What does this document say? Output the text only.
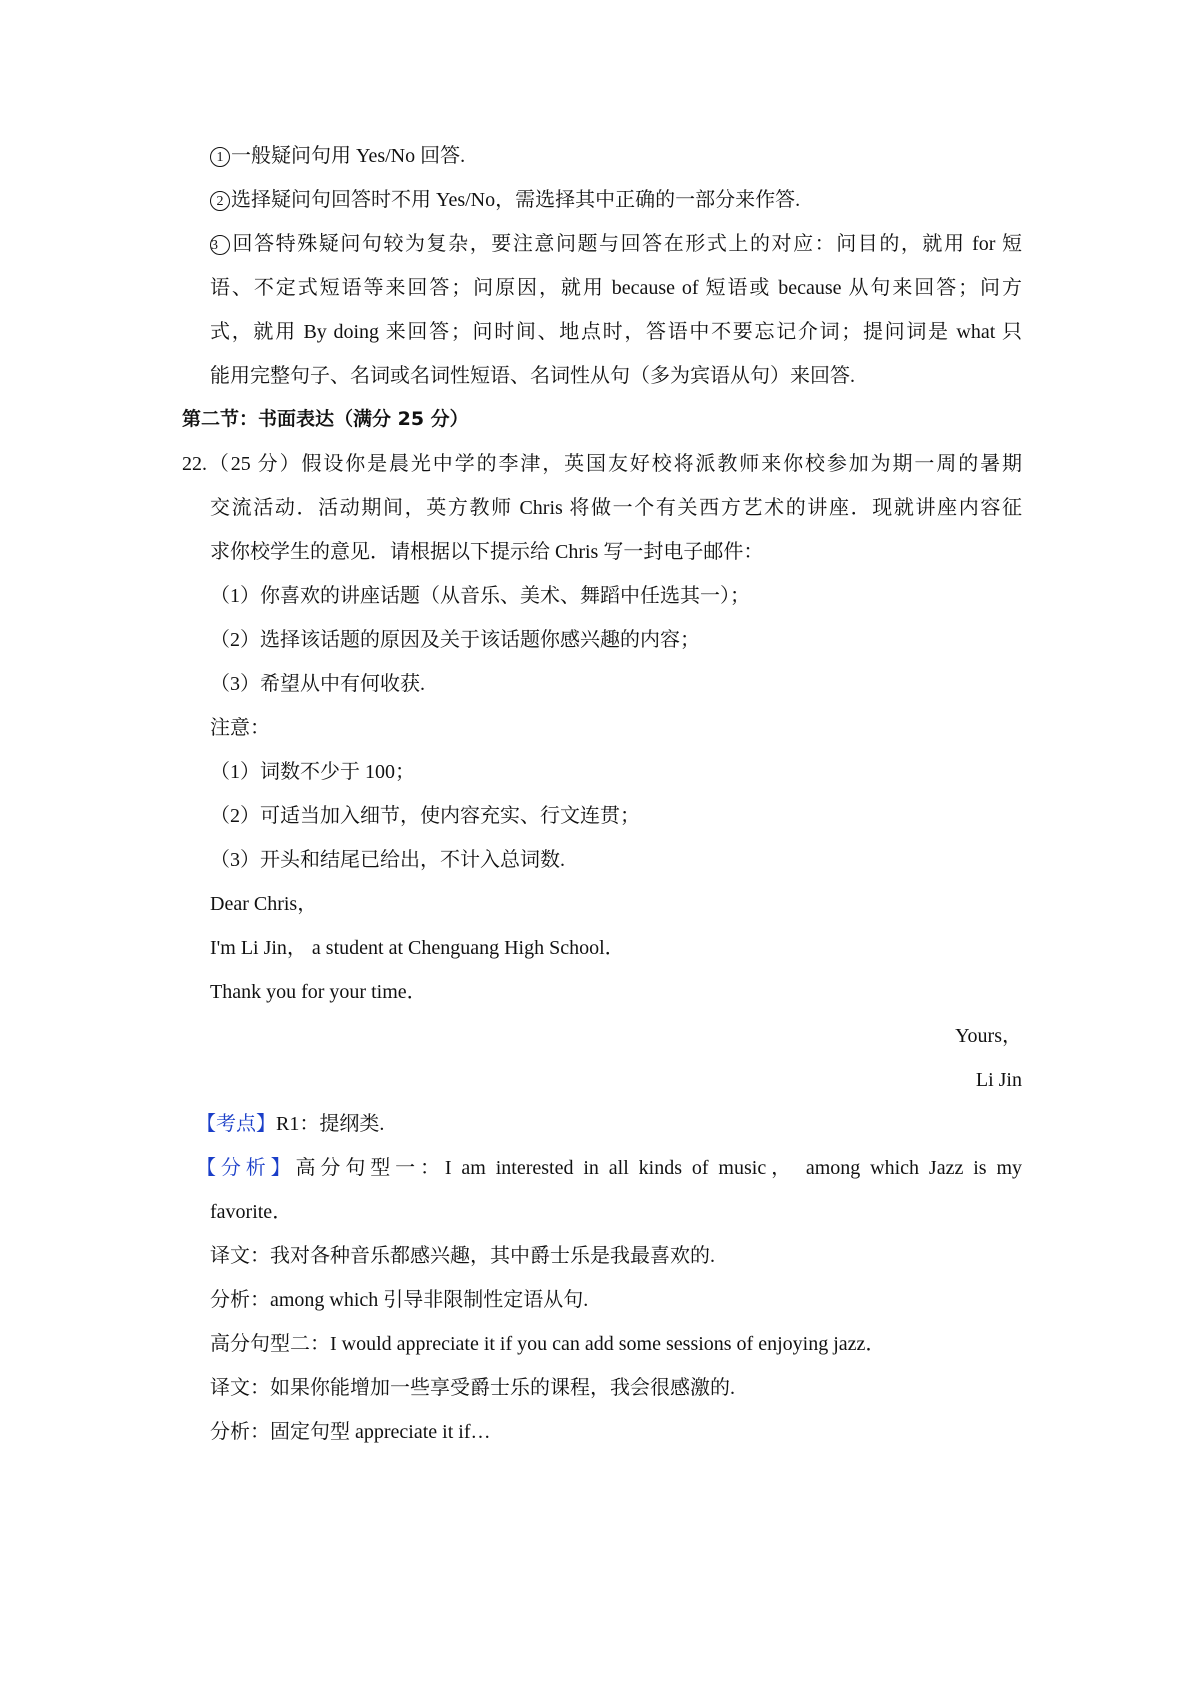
1 一般疑问句用 Yes/No 回答.
2 选择疑问句回答时不用 Yes/No，需选择其中正确的一部分来作答.
3 回答特殊疑问句较为复杂，要注意问题与回答在形式上的对应：问目的，就用 for 短
语、不定式短语等来回答；问原因，就用 because of 短语或 because 从句来回答；问方
式，就用 By doing 来回答；问时间、地点时，答语中不要忘记介词；提问词是 what 只
能用完整句子、名词或名词性短语、名词性从句（多为宾语从句）来回答.
第二节：书面表达（满分 25 分）
22.（25 分）假设你是晨光中学的李津，英国友好校将派教师来你校参加为期一周的暑期
交流活动．活动期间，英方教师 Chris 将做一个有关西方艺术的讲座．现就讲座内容征
求你校学生的意见．请根据以下提示给 Chris 写一封电子邮件：
（1）你喜欢的讲座话题（从音乐、美术、舞蹈中任选其一）；
（2）选择该话题的原因及关于该话题你感兴趣的内容；
（3）希望从中有何收获.
注意：
（1）词数不少于 100；
（2）可适当加入细节，使内容充实、行文连贯；
（3）开头和结尾已给出，不计入总词数.
Dear Chris，
I'm Li Jin， a student at Chenguang High School．
Thank you for your time．
Yours，
Li Jin
【考点】R1：提纲类.
【分析】高分句型一：I am interested in all kinds of music， among which Jazz is my
favorite．
译文：我对各种音乐都感兴趣，其中爵士乐是我最喜欢的.
分析：among which 引导非限制性定语从句.
高分句型二：I would appreciate it if you can add some sessions of enjoying jazz．
译文：如果你能增加一些享受爵士乐的课程，我会很感激的.
分析：固定句型 appreciate it if…
